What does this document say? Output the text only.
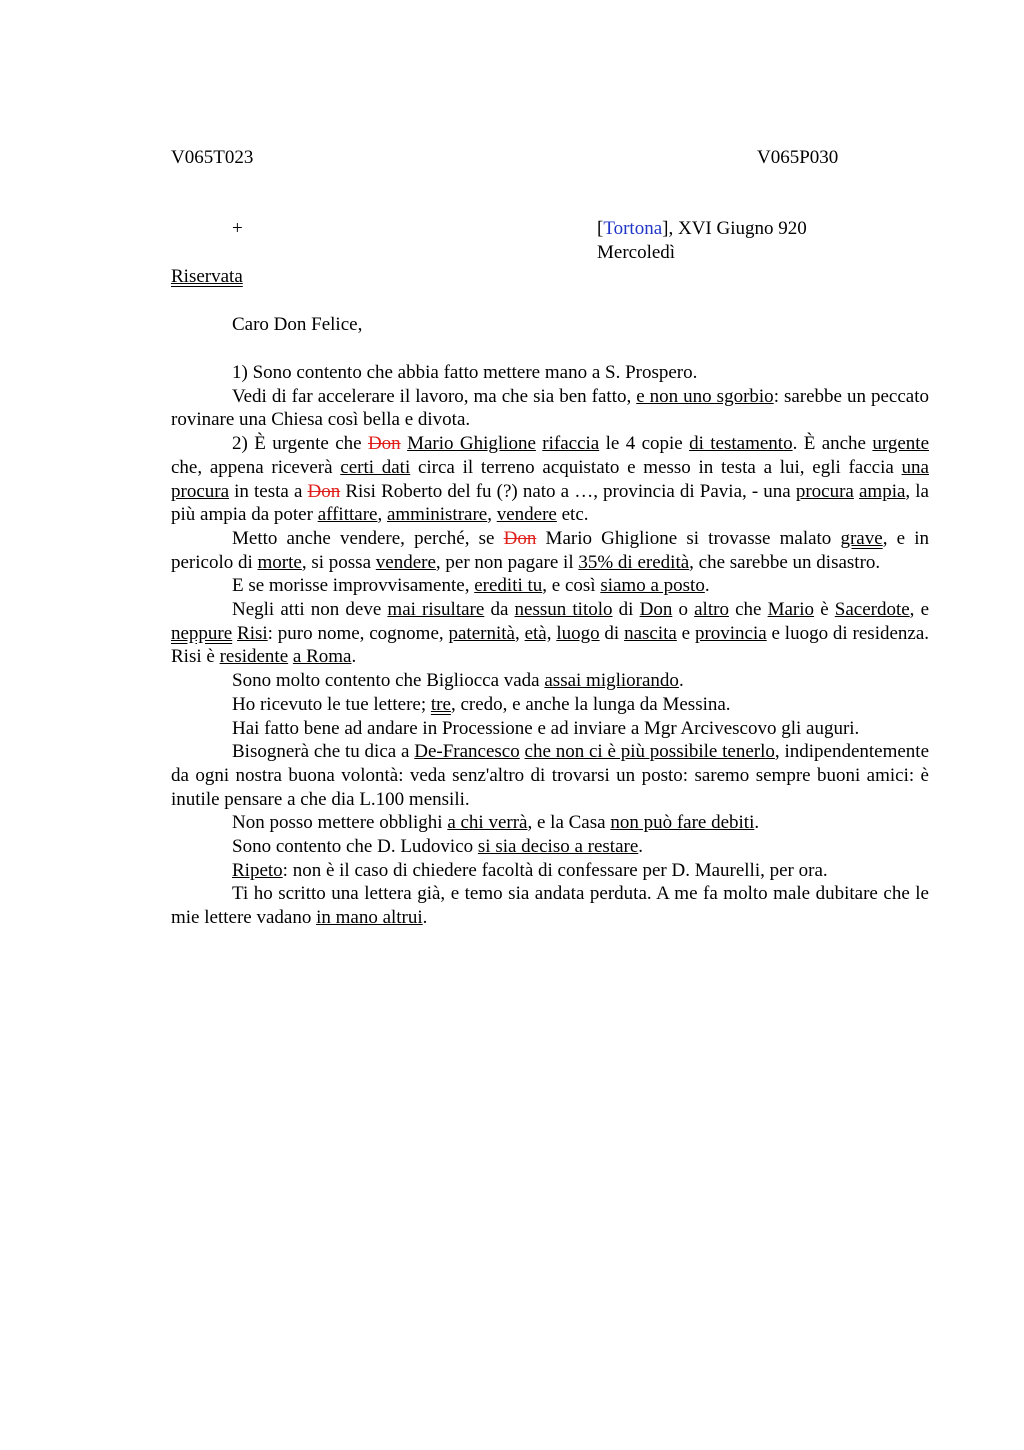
V065T023	V065P030
+	[Tortona], XVI Giugno 920
Mercoledì
Riservata
Caro Don Felice,

1) Sono contento che abbia fatto mettere mano a S. Prospero.

Vedi di far accelerare il lavoro, ma che sia ben fatto, e non uno sgorbio: sarebbe un peccato rovinare una Chiesa così bella e divota.

2) È urgente che Don Mario Ghiglione rifaccia le 4 copie di testamento. È anche urgente che, appena riceverà certi dati circa il terreno acquistato e messo in testa a lui, egli faccia una procura in testa a Don Risi Roberto del fu (?) nato a …, provincia di Pavia, - una procura ampia, la più ampia da poter affittare, amministrare, vendere etc.

Metto anche vendere, perché, se Don Mario Ghiglione si trovasse malato grave, e in pericolo di morte, si possa vendere, per non pagare il 35% di eredità, che sarebbe un disastro.

E se morisse improvvisamente, erediti tu, e così siamo a posto.

Negli atti non deve mai risultare da nessun titolo di Don o altro che Mario è Sacerdote, e neppure Risi: puro nome, cognome, paternità, età, luogo di nascita e provincia e luogo di residenza. Risi è residente a Roma.

Sono molto contento che Bigliocca vada assai migliorando.

Ho ricevuto le tue lettere; tre, credo, e anche la lunga da Messina.

Hai fatto bene ad andare in Processione e ad inviare a Mgr Arcivescovo gli auguri.

Bisognerà che tu dica a De-Francesco che non ci è più possibile tenerlo, indipendentemente da ogni nostra buona volontà: veda senz'altro di trovarsi un posto: saremo sempre buoni amici: è inutile pensare a che dia L.100 mensili.

Non posso mettere obblighi a chi verrà, e la Casa non può fare debiti.

Sono contento che D. Ludovico si sia deciso a restare.

Ripeto: non è il caso di chiedere facoltà di confessare per D. Maurelli, per ora.

Ti ho scritto una lettera già, e temo sia andata perduta. A me fa molto male dubitare che le mie lettere vadano in mano altrui.
